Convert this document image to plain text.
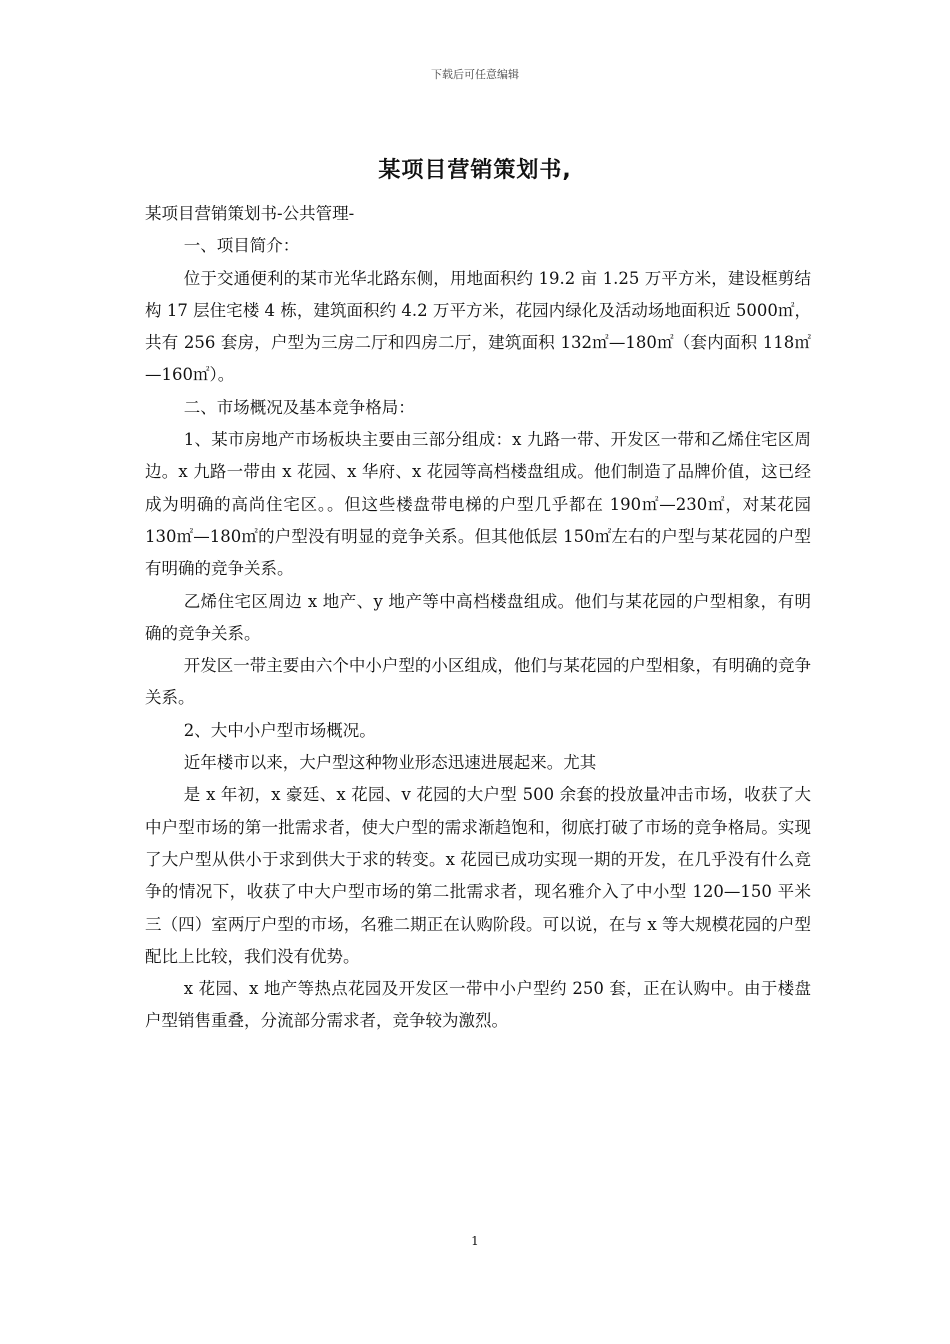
下载后可任意编辑
某项目营销策划书,

某项目营销策划书-公共管理-

一、项目简介：

位于交通便利的某市光华北路东侧，用地面积约 19.2 亩 1.25 万平方米，建设框剪结构 17 层住宅楼 4 栋，建筑面积约 4.2 万平方米，花园内绿化及活动场地面积近 5000㎡，共有 256 套房，户型为三房二厅和四房二厅，建筑面积 132㎡—180㎡（套内面积 118㎡—160㎡）。

二、市场概况及基本竞争格局：

1、某市房地产市场板块主要由三部分组成：x 九路一带、开发区一带和乙烯住宅区周边。x 九路一带由 x 花园、x 华府、x 花园等高档楼盘组成。他们制造了品牌价值，这已经成为明确的高尚住宅区。。但这些楼盘带电梯的户型几乎都在 190㎡—230㎡，对某花园 130㎡—180㎡的户型没有明显的竞争关系。但其他低层 150㎡左右的户型与某花园的户型有明确的竞争关系。

乙烯住宅区周边 x 地产、y 地产等中高档楼盘组成。他们与某花园的户型相象，有明确的竞争关系。

开发区一带主要由六个中小户型的小区组成，他们与某花园的户型相象，有明确的竞争关系。

2、大中小户型市场概况。

近年楼市以来，大户型这种物业形态迅速进展起来。尤其

是 x 年初，x 豪廷、x 花园、v 花园的大户型 500 余套的投放量冲击市场，收获了大中户型市场的第一批需求者，使大户型的需求渐趋饱和，彻底打破了市场的竞争格局。实现了大户型从供小于求到供大于求的转变。x 花园已成功实现一期的开发，在几乎没有什么竞争的情况下，收获了中大户型市场的第二批需求者，现名雅介入了中小型 120—150 平米三（四）室两厅户型的市场，名雅二期正在认购阶段。可以说，在与 x 等大规模花园的户型配比上比较，我们没有优势。

x 花园、x 地产等热点花园及开发区一带中小户型约 250 套，正在认购中。由于楼盘户型销售重叠，分流部分需求者，竞争较为激烈。

1
